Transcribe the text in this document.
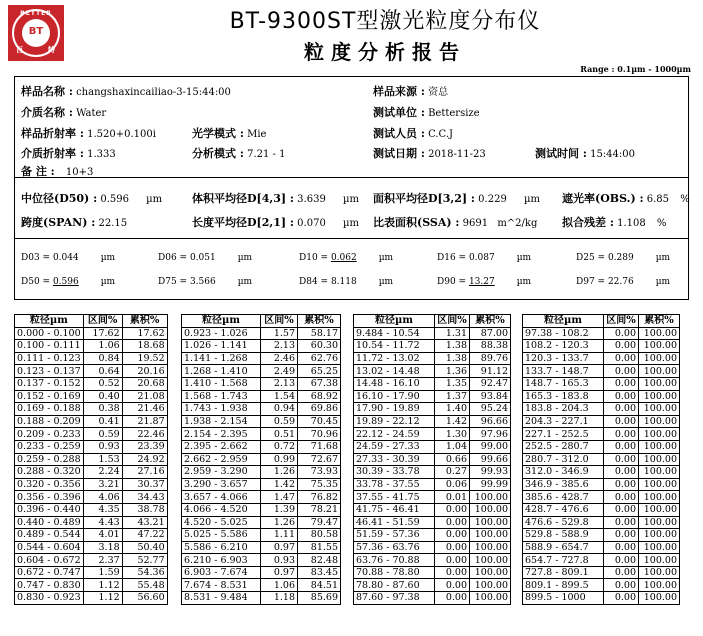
BETTER
BT
百	特
BT-9300ST型激光粒度分布仪
粒度分析报告
Range : 0.1µm - 1000µm
样品名称 : changshaxincailiao-3-15:44:00	样品来源 : 资总
介质名称 : Water	测试单位 : Bettersize
样品折射率 : 1.520+0.100i	光学模式 : Mie	测试人员 : C.C.J
介质折射率 : 1.333	分析模式 : 7.21 - 1	测试日期 : 2018-11-23	测试时间 : 15:44:00
备 注 : 10+3
中位径(D50) : 0.596 µm	体积平均径D[4,3] : 3.639 µm 面积平均径D[3,2] : 0.229 µm 遮光率(OBS.) : 6.85 %
跨度(SPAN) : 22.15	长度平均径D[2,1] : 0.070 µm 比表面积(SSA) : 9691 m^2/kg 拟合残差 : 1.108 %
D03 = 0.044 µm	D06 = 0.051 µm	D10 = 0.062 µm	D16 = 0.087 µm	D25 = 0.289 µm
D50 = 0.596 µm	D75 = 3.566 µm	D84 = 8.118 µm	D90 = 13.27 µm	D97 = 22.76 µm
粒径µm	区间%	累积%
0.000 - 0.100	17.62	17.62
0.100 - 0.111	1.06	18.68
0.111 - 0.123	0.84	19.52
0.123 - 0.137	0.64	20.16
0.137 - 0.152	0.52	20.68
0.152 - 0.169	0.40	21.08
0.169 - 0.188	0.38	21.46
0.188 - 0.209	0.41	21.87
0.209 - 0.233	0.59	22.46
0.233 - 0.259	0.93	23.39
0.259 - 0.288	1.53	24.92
0.288 - 0.320	2.24	27.16
0.320 - 0.356	3.21	30.37
0.356 - 0.396	4.06	34.43
0.396 - 0.440	4.35	38.78
0.440 - 0.489	4.43	43.21
0.489 - 0.544	4.01	47.22
0.544 - 0.604	3.18	50.40
0.604 - 0.672	2.37	52.77
0.672 - 0.747	1.59	54.36
0.747 - 0.830	1.12	55.48
0.830 - 0.923	1.12	56.60
粒径µm	区间%	累积%
0.923 - 1.026	1.57	58.17
1.026 - 1.141	2.13	60.30
1.141 - 1.268	2.46	62.76
1.268 - 1.410	2.49	65.25
1.410 - 1.568	2.13	67.38
1.568 - 1.743	1.54	68.92
1.743 - 1.938	0.94	69.86
1.938 - 2.154	0.59	70.45
2.154 - 2.395	0.51	70.96
2.395 - 2.662	0.72	71.68
2.662 - 2.959	0.99	72.67
2.959 - 3.290	1.26	73.93
3.290 - 3.657	1.42	75.35
3.657 - 4.066	1.47	76.82
4.066 - 4.520	1.39	78.21
4.520 - 5.025	1.26	79.47
5.025 - 5.586	1.11	80.58
5.586 - 6.210	0.97	81.55
6.210 - 6.903	0.93	82.48
6.903 - 7.674	0.97	83.45
7.674 - 8.531	1.06	84.51
8.531 - 9.484	1.18	85.69
粒径µm	区间%	累积%
9.484 - 10.54	1.31	87.00
10.54 - 11.72	1.38	88.38
11.72 - 13.02	1.38	89.76
13.02 - 14.48	1.36	91.12
14.48 - 16.10	1.35	92.47
16.10 - 17.90	1.37	93.84
17.90 - 19.89	1.40	95.24
19.89 - 22.12	1.42	96.66
22.12 - 24.59	1.30	97.96
24.59 - 27.33	1.04	99.00
27.33 - 30.39	0.66	99.66
30.39 - 33.78	0.27	99.93
33.78 - 37.55	0.06	99.99
37.55 - 41.75	0.01	100.00
41.75 - 46.41	0.00	100.00
46.41 - 51.59	0.00	100.00
51.59 - 57.36	0.00	100.00
57.36 - 63.76	0.00	100.00
63.76 - 70.88	0.00	100.00
70.88 - 78.80	0.00	100.00
78.80 - 87.60	0.00	100.00
87.60 - 97.38	0.00	100.00
粒径µm	区间%	累积%
97.38 - 108.2	0.00	100.00
108.2 - 120.3	0.00	100.00
120.3 - 133.7	0.00	100.00
133.7 - 148.7	0.00	100.00
148.7 - 165.3	0.00	100.00
165.3 - 183.8	0.00	100.00
183.8 - 204.3	0.00	100.00
204.3 - 227.1	0.00	100.00
227.1 - 252.5	0.00	100.00
252.5 - 280.7	0.00	100.00
280.7 - 312.0	0.00	100.00
312.0 - 346.9	0.00	100.00
346.9 - 385.6	0.00	100.00
385.6 - 428.7	0.00	100.00
428.7 - 476.6	0.00	100.00
476.6 - 529.8	0.00	100.00
529.8 - 588.9	0.00	100.00
588.9 - 654.7	0.00	100.00
654.7 - 727.8	0.00	100.00
727.8 - 809.1	0.00	100.00
809.1 - 899.5	0.00	100.00
899.5 - 1000	0.00	100.00
